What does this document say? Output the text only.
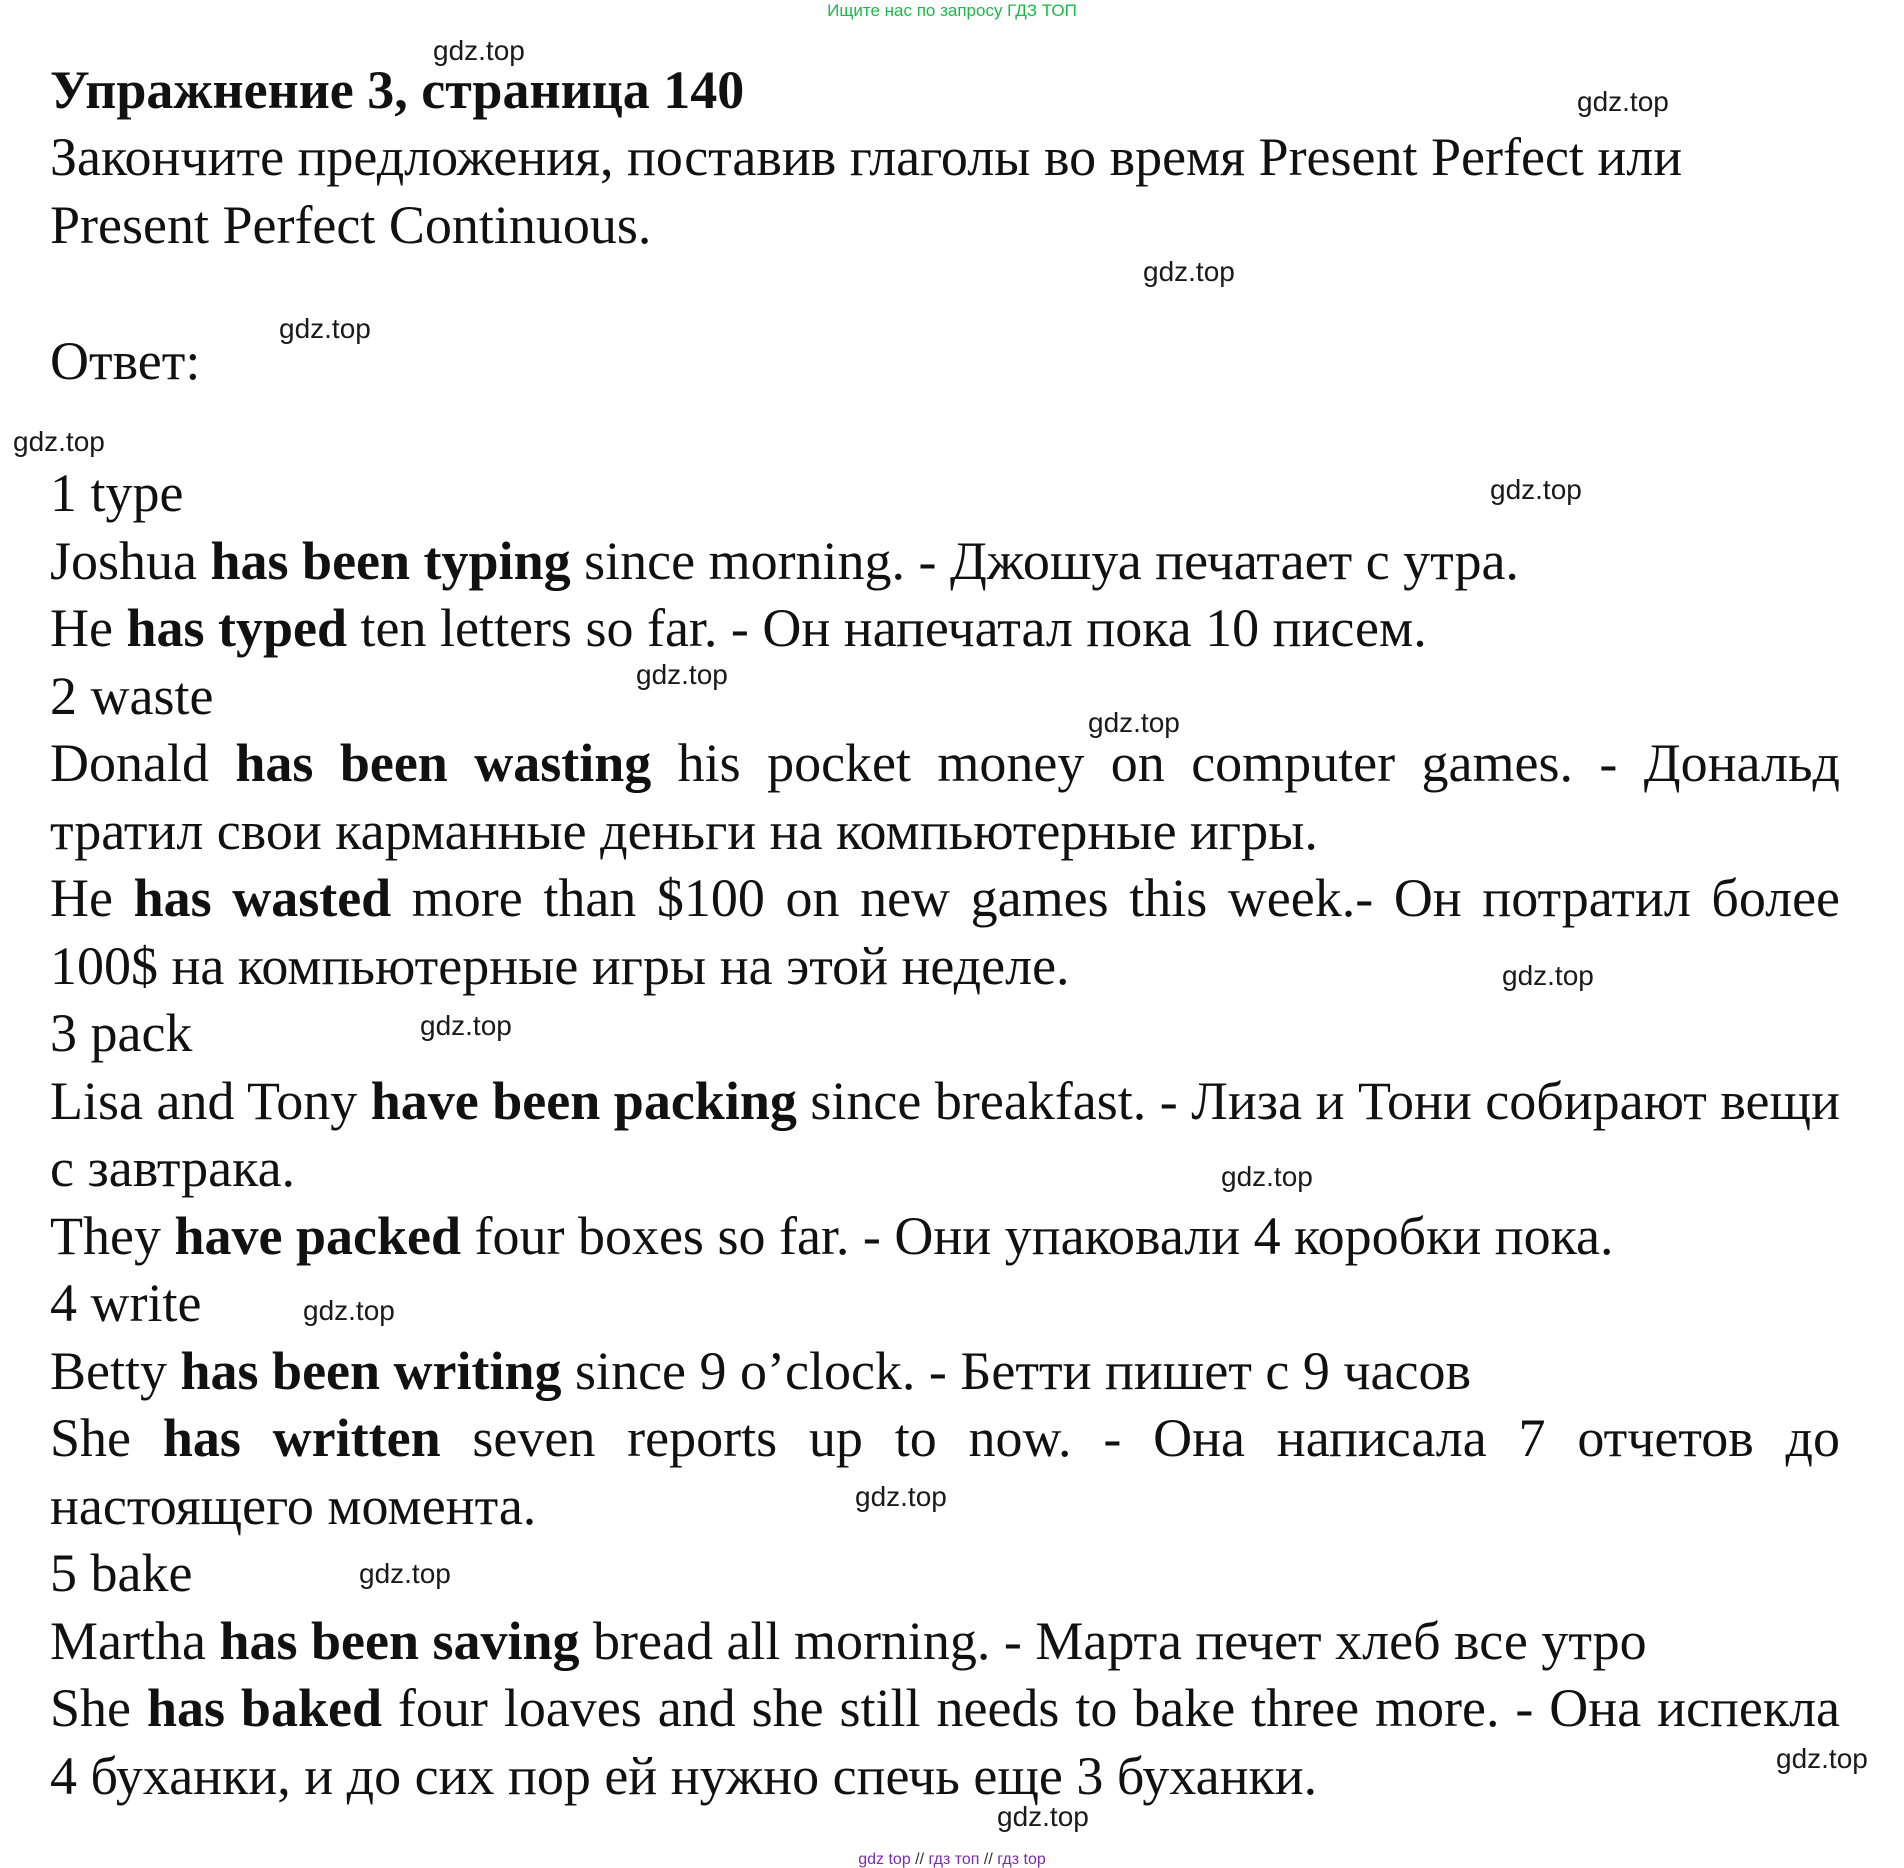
Ищите нас по запросу ГДЗ ТОП
Упражнение 3, страница 140

Закончите предложения, поставив глаголы во время Present Perfect или Present Perfect Continuous.

Ответ:

1 type
Joshua has been typing since morning. - Джошуа печатает с утра.
He has typed ten letters so far. - Он напечатал пока 10 писем.
2 waste
Donald has been wasting his pocket money on computer games. - Дональд тратил свои карманные деньги на компьютерные игры.
He has wasted more than $100 on new games this week.- Он потратил более 100$ на компьютерные игры на этой неделе.
3 pack
Lisa and Tony have been packing since breakfast. - Лиза и Тони собирают вещи с завтрака.
They have packed four boxes so far. - Они упаковали 4 коробки пока.
4 write
Betty has been writing since 9 o’clock. - Бетти пишет с 9 часов
She has written seven reports up to now. - Она написала 7 отчетов до настоящего момента.
5 bake
Martha has been saving bread all morning. - Марта печет хлеб все утро
She has baked four loaves and she still needs to bake three more. - Она испекла 4 буханки, и до сих пор ей нужно спечь еще 3 буханки.
gdz.top
gdz.top
gdz.top
gdz.top
gdz.top
gdz.top
gdz.top
gdz.top
gdz.top
gdz.top
gdz.top
gdz.top
gdz.top
gdz.top
gdz.top
gdz.top
gdz top // гдз топ // гдз top
